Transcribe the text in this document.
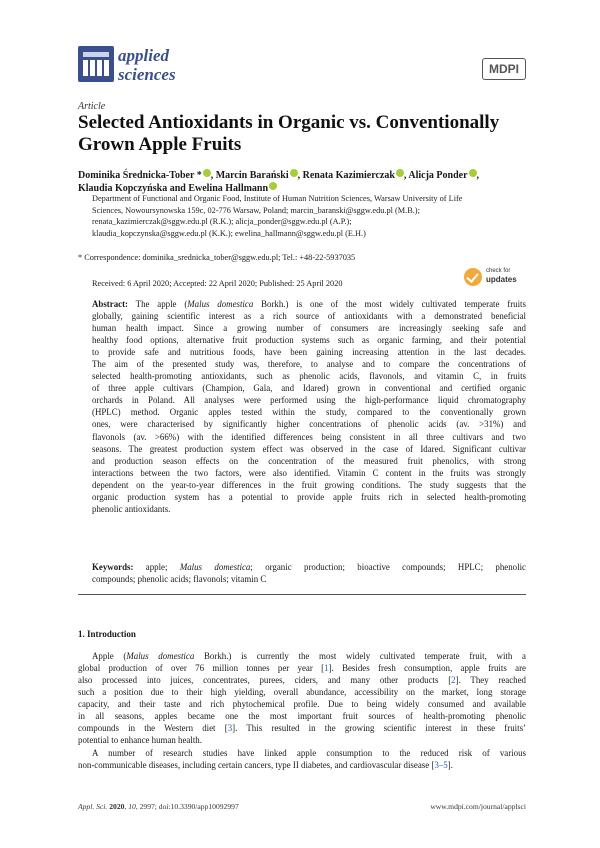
applied
sciences	MDPI
Article
Selected Antioxidants in Organic vs. Conventionally
Grown Apple Fruits
Dominika Średnicka-Tober * , Marcin Barański , Renata Kazimierczak , Alicja Ponder ,
Klaudia Kopczyńska and Ewelina Hallmann
Department of Functional and Organic Food, Institute of Human Nutrition Sciences, Warsaw University of Life
Sciences, Nowoursynowska 159c, 02-776 Warsaw, Poland; marcin_baranski@sggw.edu.pl (M.B.);
renata_kazimierczak@sggw.edu.pl (R.K.); alicja_ponder@sggw.edu.pl (A.P.);
klaudia_kopczynska@sggw.edu.pl (K.K.); ewelina_hallmann@sggw.edu.pl (E.H.)
* Correspondence: dominika_srednicka_tober@sggw.edu.pl; Tel.: +48-22-5937035
Received: 6 April 2020; Accepted: 22 April 2020; Published: 25 April 2020
check for
updates
Abstract: The apple (Malus domestica Borkh.) is one of the most widely cultivated temperate fruits
globally, gaining scientific interest as a rich source of antioxidants with a demonstrated beneficial
human health impact. Since a growing number of consumers are increasingly seeking safe and
healthy food options, alternative fruit production systems such as organic farming, and their potential
to provide safe and nutritious foods, have been gaining increasing attention in the last decades.
The aim of the presented study was, therefore, to analyse and to compare the concentrations of
selected health-promoting antioxidants, such as phenolic acids, flavonols, and vitamin C, in fruits
of three apple cultivars (Champion, Gala, and Idared) grown in conventional and certified organic
orchards in Poland. All analyses were performed using the high-performance liquid chromatography
(HPLC) method. Organic apples tested within the study, compared to the conventionally grown
ones, were characterised by significantly higher concentrations of phenolic acids (av. >31%) and
flavonols (av. >66%) with the identified differences being consistent in all three cultivars and two
seasons. The greatest production system effect was observed in the case of Idared. Significant cultivar
and production season effects on the concentration of the measured fruit phenolics, with strong
interactions between the two factors, were also identified. Vitamin C content in the fruits was strongly
dependent on the year-to-year differences in the fruit growing conditions. The study suggests that the
organic production system has a potential to provide apple fruits rich in selected health-promoting
phenolic antioxidants.
Keywords: apple; Malus domestica; organic production; bioactive compounds; HPLC; phenolic
compounds; phenolic acids; flavonols; vitamin C
1. Introduction
Apple (Malus domestica Borkh.) is currently the most widely cultivated temperate fruit, with a
global production of over 76 million tonnes per year [1]. Besides fresh consumption, apple fruits are
also processed into juices, concentrates, purees, ciders, and many other products [2]. They reached
such a position due to their high yielding, overall abundance, accessibility on the market, long storage
capacity, and their taste and rich phytochemical profile. Due to being widely consumed and available
in all seasons, apples became one the most important fruit sources of health-promoting phenolic
compounds in the Western diet [3]. This resulted in the growing scientific interest in these fruits’
potential to enhance human health.
A number of research studies have linked apple consumption to the reduced risk of various
non-communicable diseases, including certain cancers, type II diabetes, and cardiovascular disease [3–5].
Appl. Sci. 2020, 10, 2997; doi:10.3390/app10092997	www.mdpi.com/journal/applsci
